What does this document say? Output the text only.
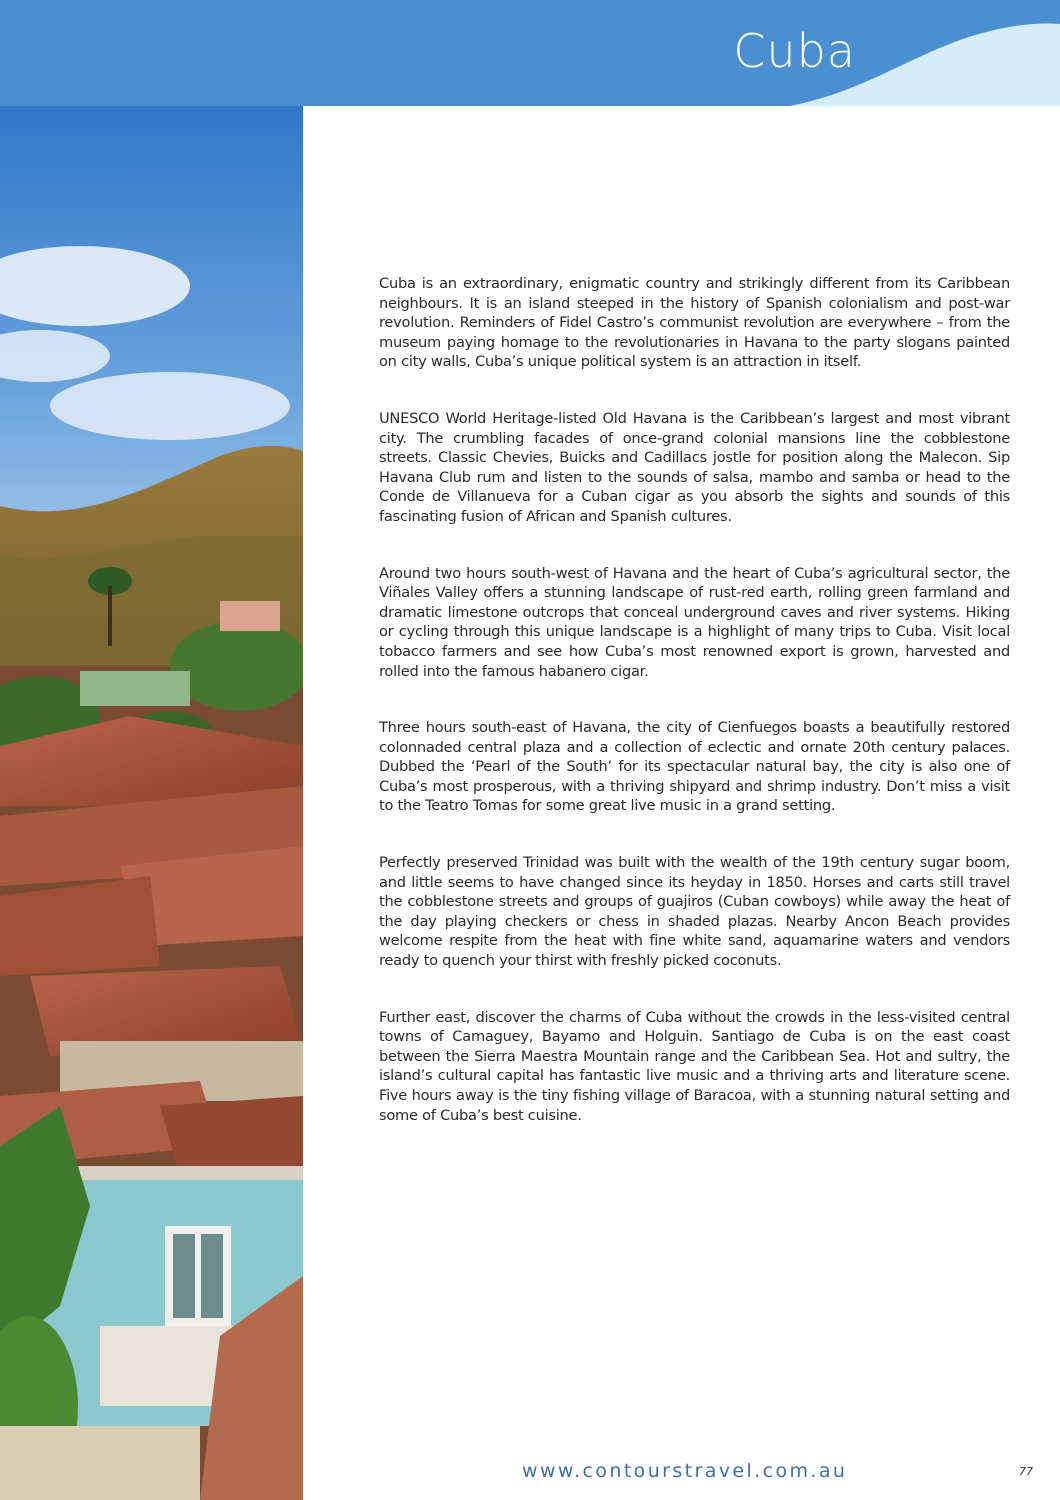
Cuba

Cuba is an extraordinary, enigmatic country and strikingly different from its Caribbean neighbours. It is an island steeped in the history of Spanish colonialism and post-war revolution. Reminders of Fidel Castro’s communist revolution are everywhere – from the museum paying homage to the revolutionaries in Havana to the party slogans painted on city walls, Cuba’s unique political system is an attraction in itself.

UNESCO World Heritage-listed Old Havana is the Caribbean’s largest and most vibrant city. The crumbling facades of once-grand colonial mansions line the cobblestone streets. Classic Chevies, Buicks and Cadillacs jostle for position along the Malecon. Sip Havana Club rum and listen to the sounds of salsa, mambo and samba or head to the Conde de Villanueva for a Cuban cigar as you absorb the sights and sounds of this fascinating fusion of African and Spanish cultures.

Around two hours south-west of Havana and the heart of Cuba’s agricultural sector, the Viñales Valley offers a stunning landscape of rust-red earth, rolling green farmland and dramatic limestone outcrops that conceal underground caves and river systems. Hiking or cycling through this unique landscape is a highlight of many trips to Cuba. Visit local tobacco farmers and see how Cuba’s most renowned export is grown, harvested and rolled into the famous habanero cigar.

Three hours south-east of Havana, the city of Cienfuegos boasts a beautifully restored colonnaded central plaza and a collection of eclectic and ornate 20th century palaces. Dubbed the ‘Pearl of the South’ for its spectacular natural bay, the city is also one of Cuba’s most prosperous, with a thriving shipyard and shrimp industry. Don’t miss a visit to the Teatro Tomas for some great live music in a grand setting.

Perfectly preserved Trinidad was built with the wealth of the 19th century sugar boom, and little seems to have changed since its heyday in 1850. Horses and carts still travel the cobblestone streets and groups of guajiros (Cuban cowboys) while away the heat of the day playing checkers or chess in shaded plazas. Nearby Ancon Beach provides welcome respite from the heat with fine white sand, aquamarine waters and vendors ready to quench your thirst with freshly picked coconuts.

Further east, discover the charms of Cuba without the crowds in the less-visited central towns of Camaguey, Bayamo and Holguin. Santiago de Cuba is on the east coast between the Sierra Maestra Mountain range and the Caribbean Sea. Hot and sultry, the island’s cultural capital has fantastic live music and a thriving arts and literature scene. Five hours away is the tiny fishing village of Baracoa, with a stunning natural setting and some of Cuba’s best cuisine.

www.contourstravel.com.au	77
